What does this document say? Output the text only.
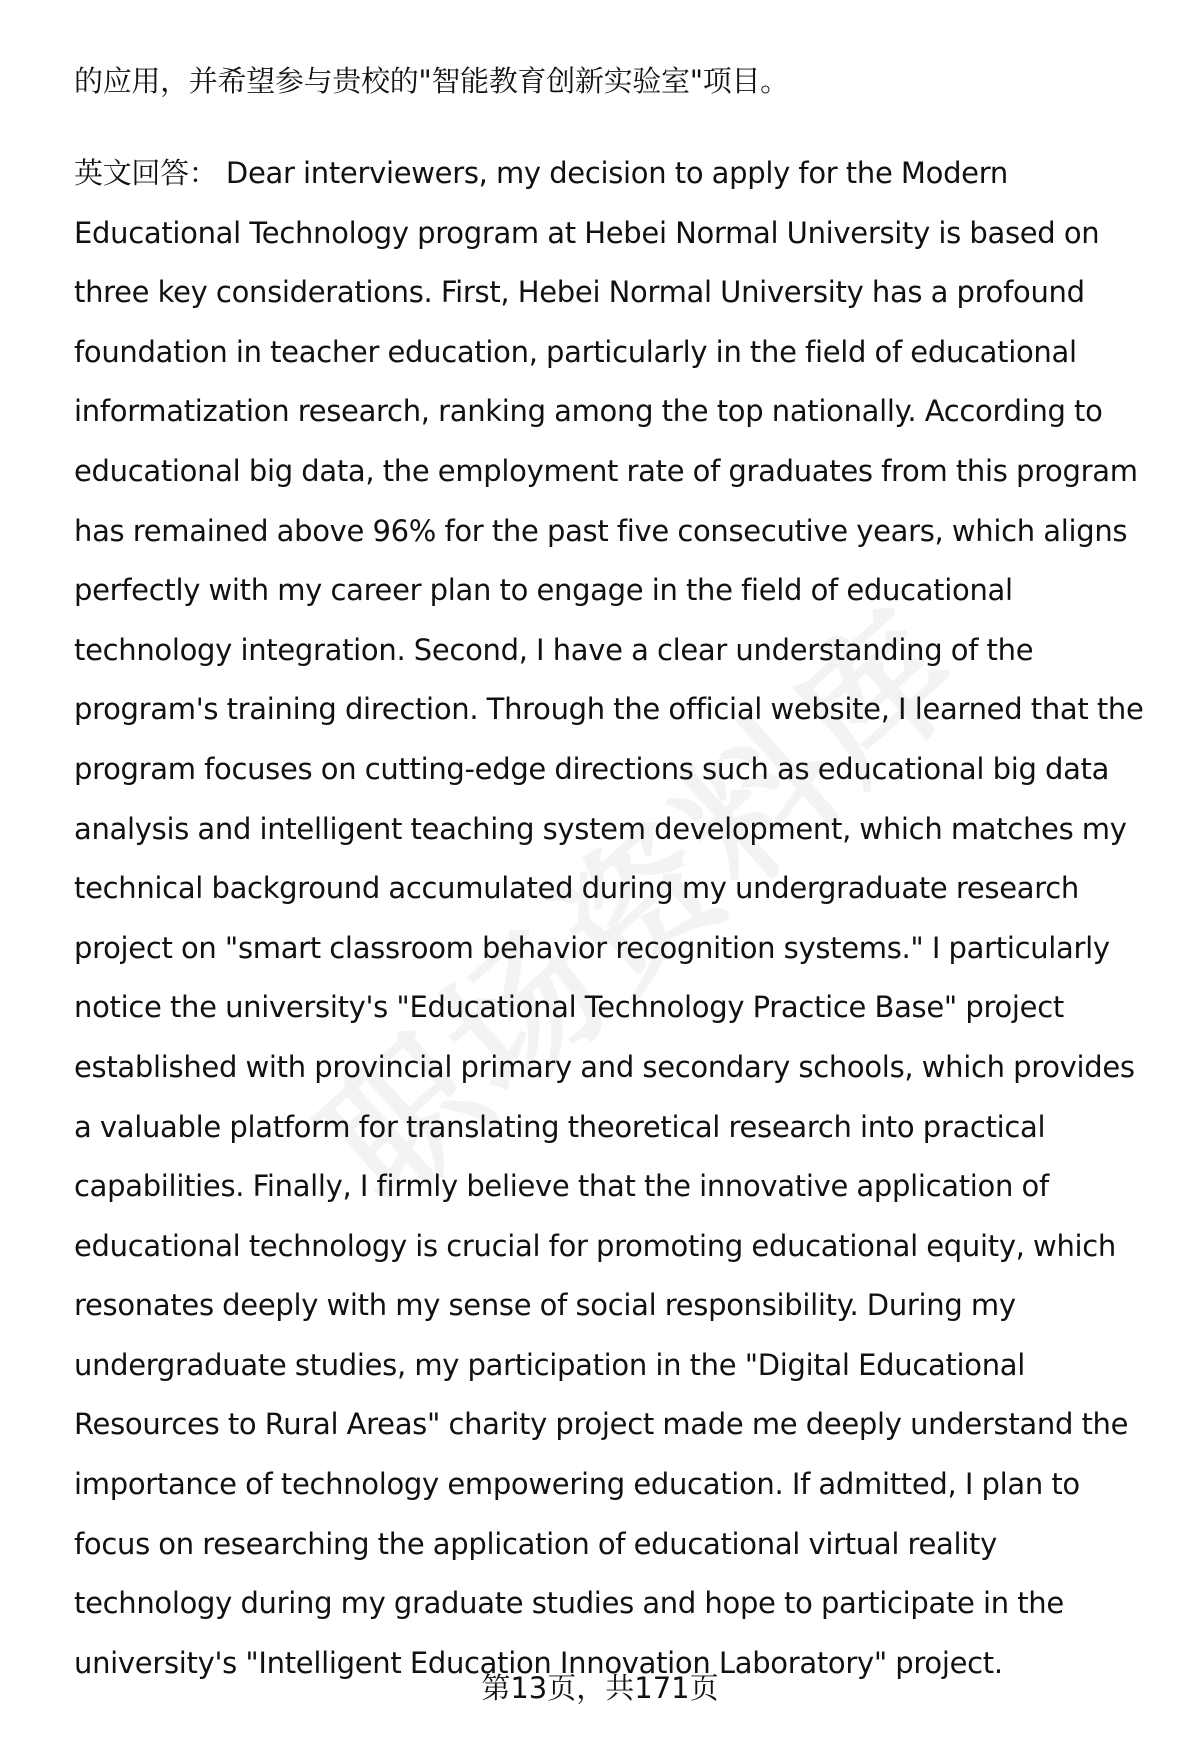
的应用，并希望参与贵校的"智能教育创新实验室"项目。
英文回答： Dear interviewers, my decision to apply for the Modern
Educational Technology program at Hebei Normal University is based on
three key considerations. First, Hebei Normal University has a profound
foundation in teacher education, particularly in the field of educational
informatization research, ranking among the top nationally. According to
educational big data, the employment rate of graduates from this program
has remained above 96% for the past five consecutive years, which aligns
perfectly with my career plan to engage in the field of educational
technology integration. Second, I have a clear understanding of the
program's training direction. Through the official website, I learned that the
program focuses on cutting-edge directions such as educational big data
analysis and intelligent teaching system development, which matches my
technical background accumulated during my undergraduate research
project on "smart classroom behavior recognition systems." I particularly
notice the university's "Educational Technology Practice Base" project
established with provincial primary and secondary schools, which provides
a valuable platform for translating theoretical research into practical
capabilities. Finally, I firmly believe that the innovative application of
educational technology is crucial for promoting educational equity, which
resonates deeply with my sense of social responsibility. During my
undergraduate studies, my participation in the "Digital Educational
Resources to Rural Areas" charity project made me deeply understand the
importance of technology empowering education. If admitted, I plan to
focus on researching the application of educational virtual reality
technology during my graduate studies and hope to participate in the
university's "Intelligent Education Innovation Laboratory" project.
第13页，共171页
